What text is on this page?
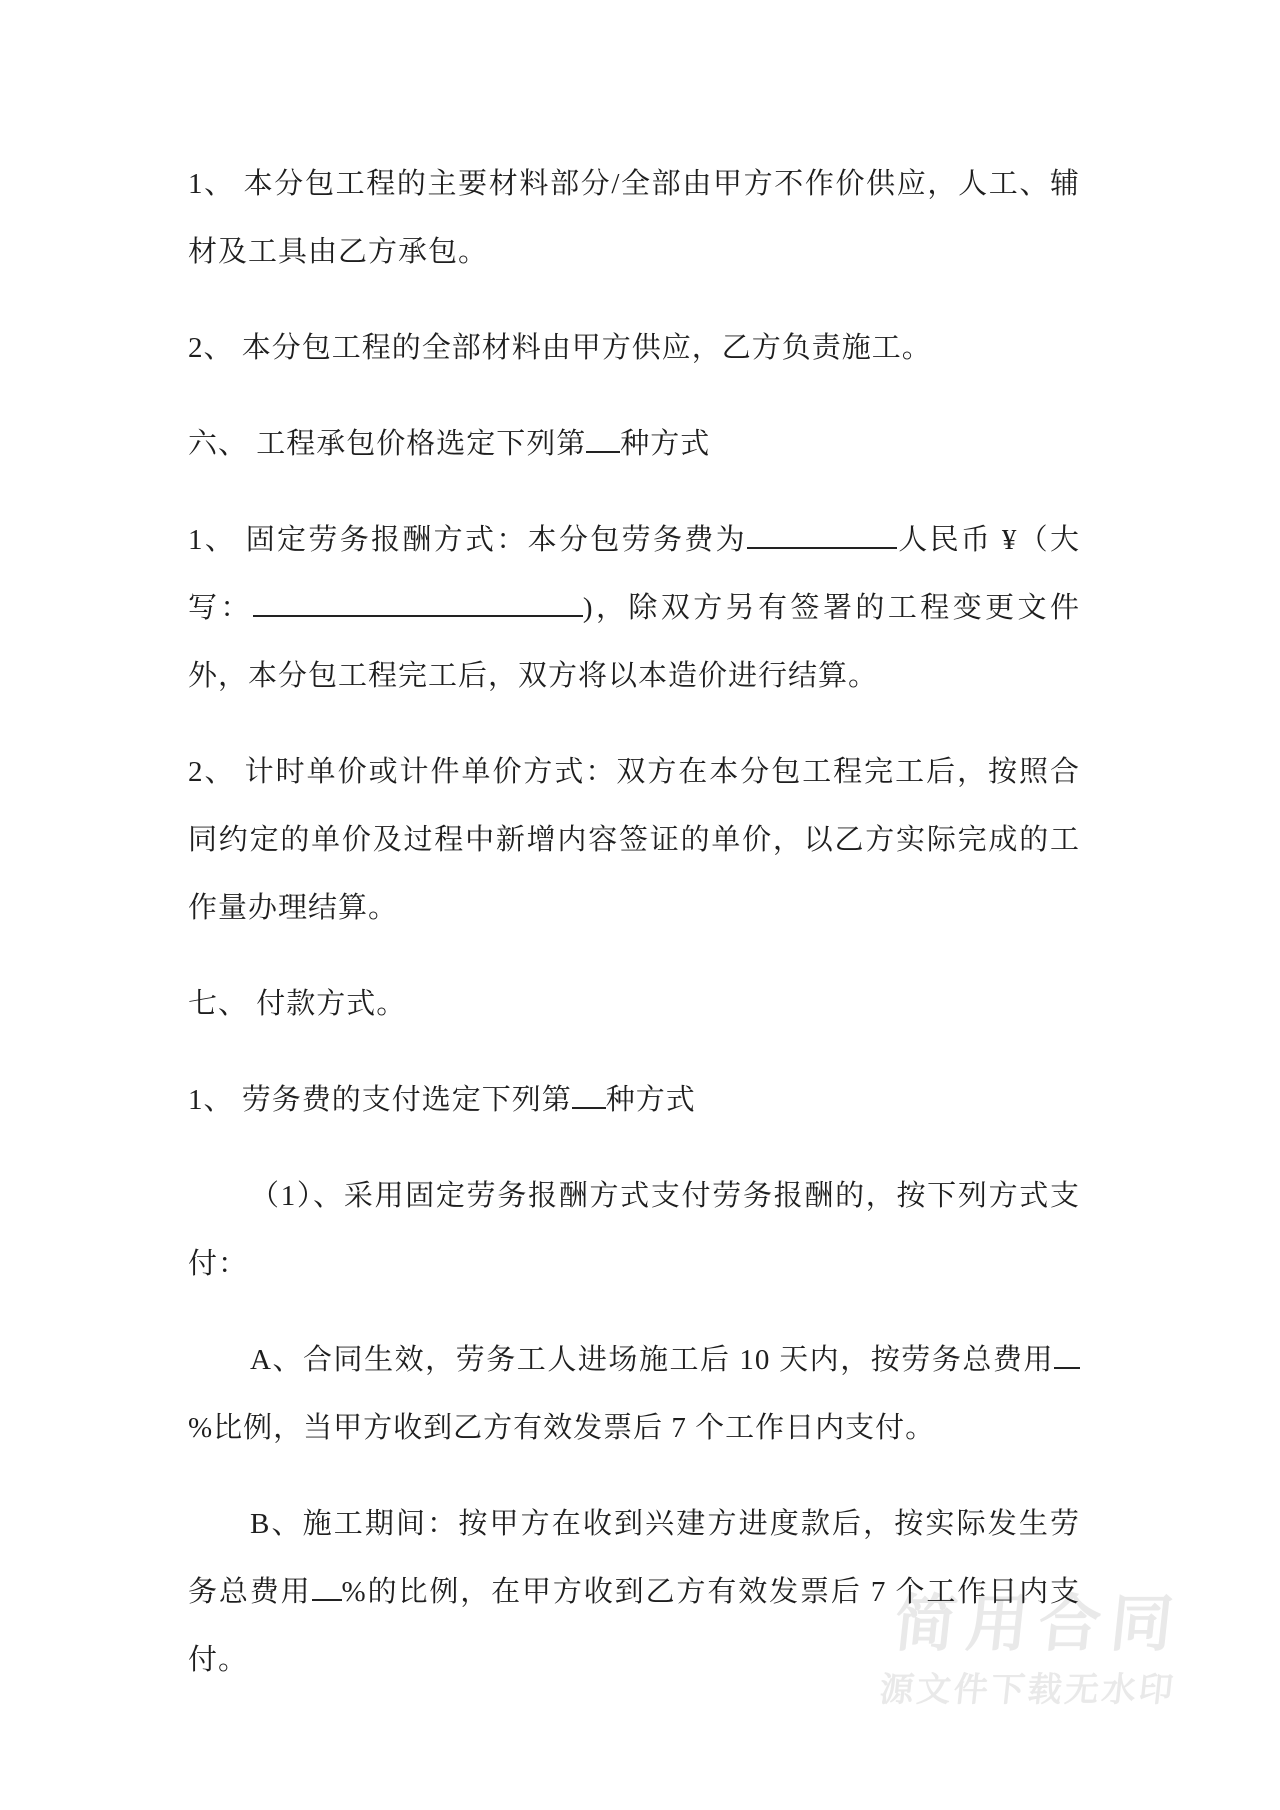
简用合同
源文件下载无水印

1、 本分包工程的主要材料部分/全部由甲方不作价供应，人工、辅材及工具由乙方承包。

2、 本分包工程的全部材料由甲方供应，乙方负责施工。

六、 工程承包价格选定下列第 种方式

1、 固定劳务报酬方式：本分包劳务费为	人民币 ¥（大写：	)，除双方另有签署的工程变更文件外，本分包工程完工后，双方将以本造价进行结算。

2、 计时单价或计件单价方式：双方在本分包工程完工后，按照合同约定的单价及过程中新增内容签证的单价，以乙方实际完成的工作量办理结算。

七、 付款方式。

1、 劳务费的支付选定下列第 种方式

（1）、采用固定劳务报酬方式支付劳务报酬的，按下列方式支付：

A、合同生效，劳务工人进场施工后 10 天内，按劳务总费用%比例，当甲方收到乙方有效发票后 7 个工作日内支付。

B、施工期间：按甲方在收到兴建方进度款后，按实际发生劳务总费用 %的比例，在甲方收到乙方有效发票后 7 个工作日内支付。
